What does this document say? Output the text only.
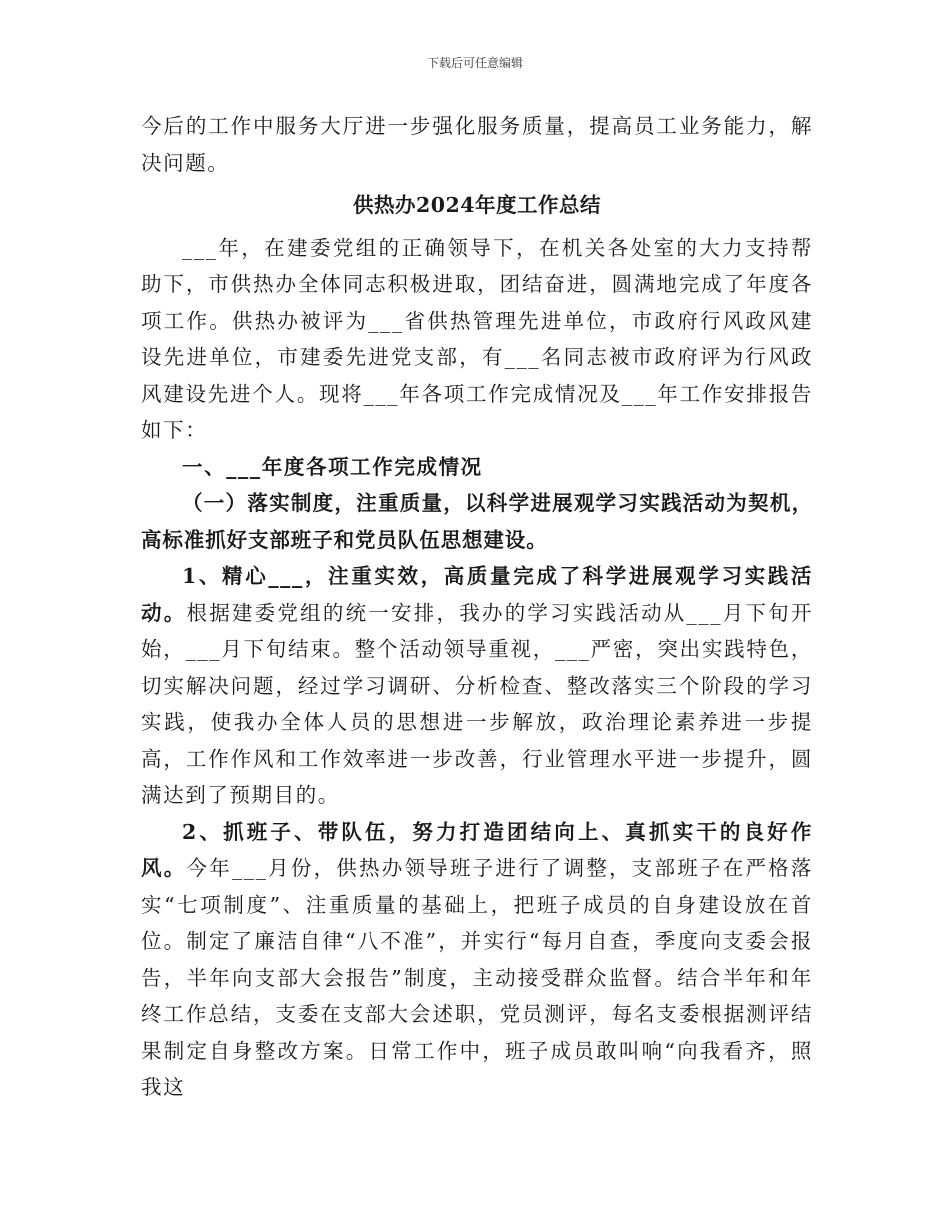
下载后可任意编辑

今后的工作中服务大厅进一步强化服务质量，提高员工业务能力，解决问题。

供热办2024年度工作总结

___年，在建委党组的正确领导下，在机关各处室的大力支持帮助下，市供热办全体同志积极进取，团结奋进，圆满地完成了年度各项工作。供热办被评为___省供热管理先进单位，市政府行风政风建设先进单位，市建委先进党支部，有___名同志被市政府评为行风政风建设先进个人。现将___年各项工作完成情况及___年工作安排报告如下：

一、___年度各项工作完成情况

（一）落实制度，注重质量，以科学进展观学习实践活动为契机，高标准抓好支部班子和党员队伍思想建设。

1、精心___，注重实效，高质量完成了科学进展观学习实践活动。根据建委党组的统一安排，我办的学习实践活动从___月下旬开始，___月下旬结束。整个活动领导重视，___严密，突出实践特色，切实解决问题，经过学习调研、分析检查、整改落实三个阶段的学习实践，使我办全体人员的思想进一步解放，政治理论素养进一步提高，工作作风和工作效率进一步改善，行业管理水平进一步提升，圆满达到了预期目的。

2、抓班子、带队伍，努力打造团结向上、真抓实干的良好作风。今年___月份，供热办领导班子进行了调整，支部班子在严格落实“七项制度”、注重质量的基础上，把班子成员的自身建设放在首位。制定了廉洁自律“八不准”，并实行“每月自查，季度向支委会报告，半年向支部大会报告”制度，主动接受群众监督。结合半年和年终工作总结，支委在支部大会述职，党员测评，每名支委根据测评结果制定自身整改方案。日常工作中，班子成员敢叫响“向我看齐，照我这
